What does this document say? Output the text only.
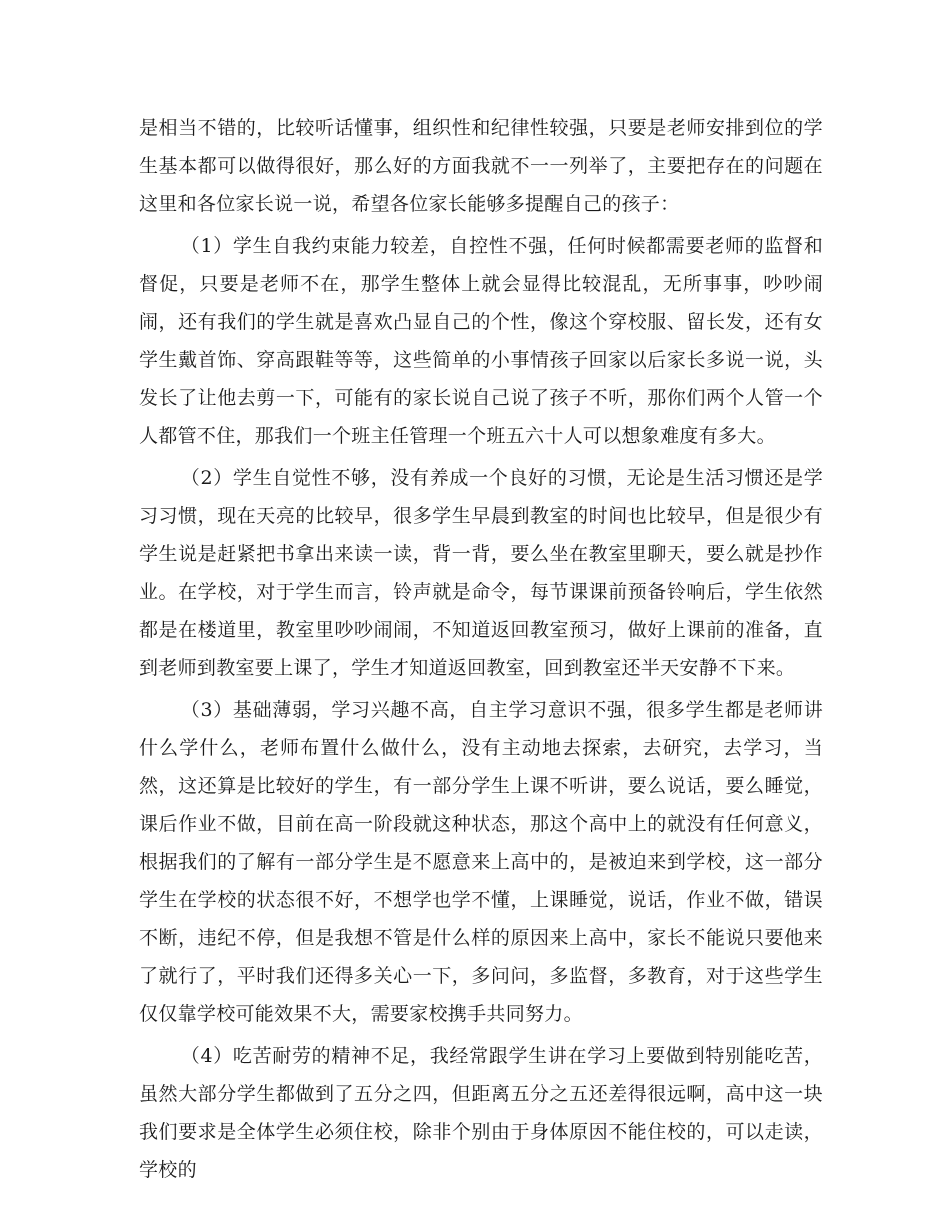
是相当不错的，比较听话懂事，组织性和纪律性较强，只要是老师安排到位的学生基本都可以做得很好，那么好的方面我就不一一列举了，主要把存在的问题在这里和各位家长说一说，希望各位家长能够多提醒自己的孩子：

（1）学生自我约束能力较差，自控性不强，任何时候都需要老师的监督和督促，只要是老师不在，那学生整体上就会显得比较混乱，无所事事，吵吵闹闹，还有我们的学生就是喜欢凸显自己的个性，像这个穿校服、留长发，还有女学生戴首饰、穿高跟鞋等等，这些简单的小事情孩子回家以后家长多说一说，头发长了让他去剪一下，可能有的家长说自己说了孩子不听，那你们两个人管一个人都管不住，那我们一个班主任管理一个班五六十人可以想象难度有多大。

（2）学生自觉性不够，没有养成一个良好的习惯，无论是生活习惯还是学习习惯，现在天亮的比较早，很多学生早晨到教室的时间也比较早，但是很少有学生说是赶紧把书拿出来读一读，背一背，要么坐在教室里聊天，要么就是抄作业。在学校，对于学生而言，铃声就是命令，每节课课前预备铃响后，学生依然都是在楼道里，教室里吵吵闹闹，不知道返回教室预习，做好上课前的准备，直到老师到教室要上课了，学生才知道返回教室，回到教室还半天安静不下来。

（3）基础薄弱，学习兴趣不高，自主学习意识不强，很多学生都是老师讲什么学什么，老师布置什么做什么，没有主动地去探索，去研究，去学习，当然，这还算是比较好的学生，有一部分学生上课不听讲，要么说话，要么睡觉，课后作业不做，目前在高一阶段就这种状态，那这个高中上的就没有任何意义，根据我们的了解有一部分学生是不愿意来上高中的，是被迫来到学校，这一部分学生在学校的状态很不好，不想学也学不懂，上课睡觉，说话，作业不做，错误不断，违纪不停，但是我想不管是什么样的原因来上高中，家长不能说只要他来了就行了，平时我们还得多关心一下，多问问，多监督，多教育，对于这些学生仅仅靠学校可能效果不大，需要家校携手共同努力。

（4）吃苦耐劳的精神不足，我经常跟学生讲在学习上要做到特别能吃苦，虽然大部分学生都做到了五分之四，但距离五分之五还差得很远啊，高中这一块我们要求是全体学生必须住校，除非个别由于身体原因不能住校的，可以走读，学校的
